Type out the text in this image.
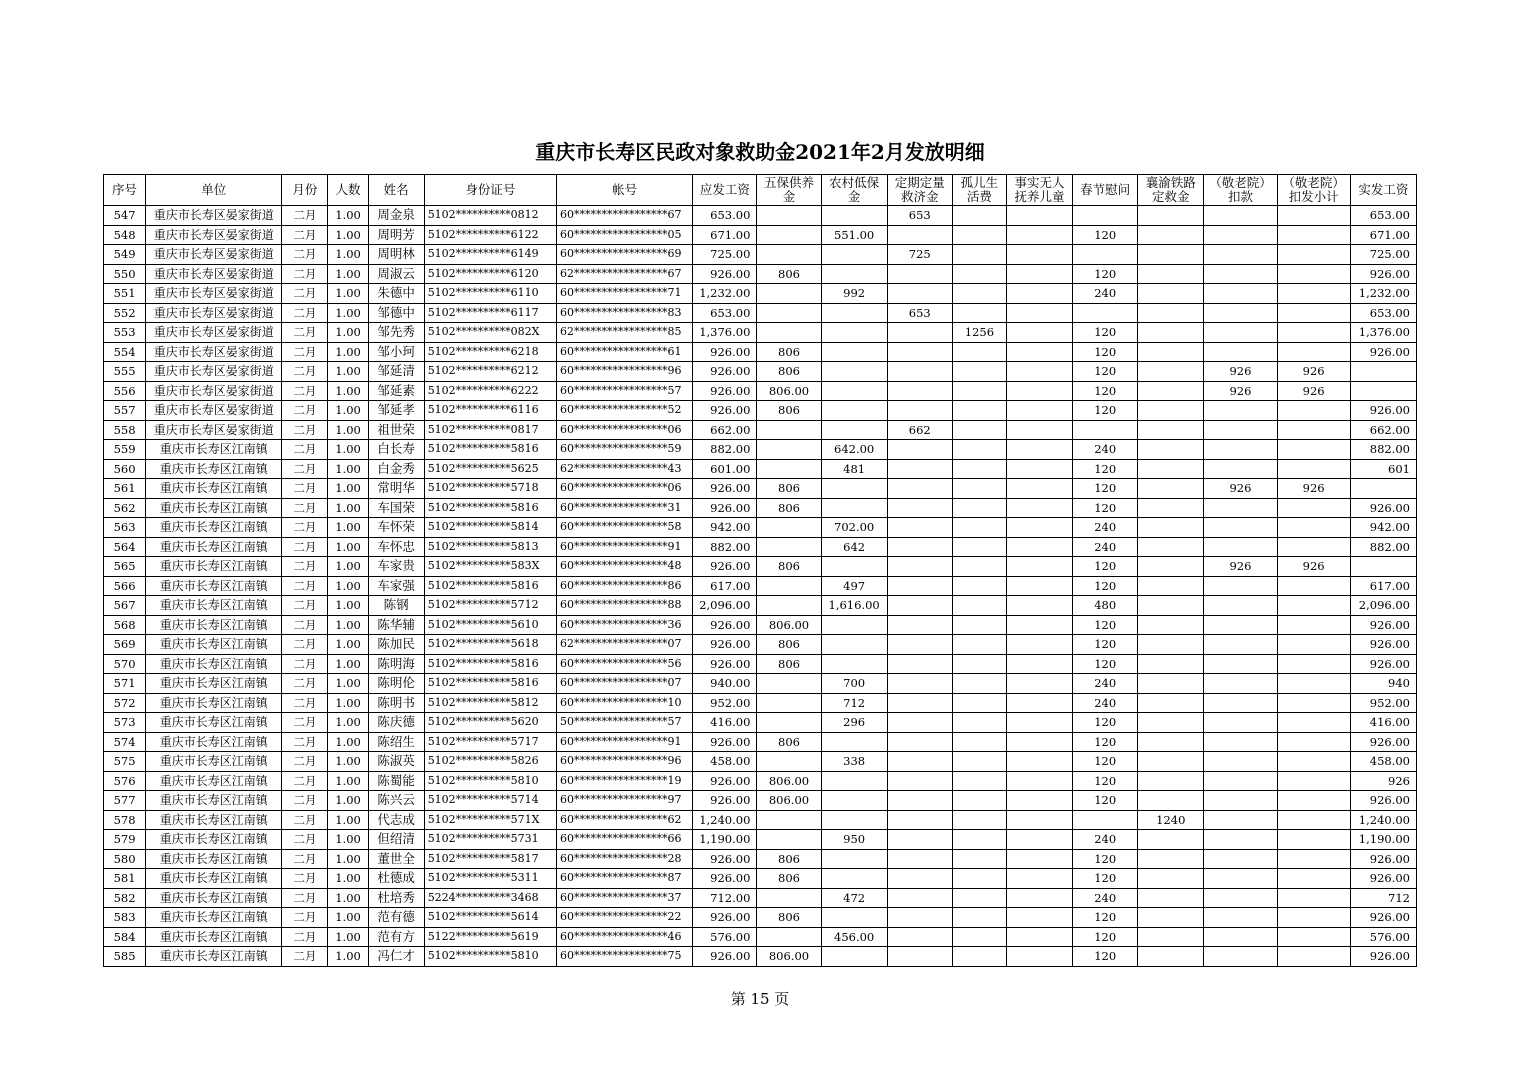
重庆市长寿区民政对象救助金2021年2月发放明细
序号	单位	月份	人数	姓名	身份证号	帐号	应发工资	五保供养金	农村低保金	定期定量救济金	孤儿生活费	事实无人抚养儿童	春节慰问	襄渝铁路定救金	（敬老院）扣款	（敬老院）扣发小计	实发工资
547	重庆市长寿区晏家街道	二月	1.00	周金泉	5102**********0812	60*****************67	653.00			653							653.00
548	重庆市长寿区晏家街道	二月	1.00	周明芳	5102**********6122	60*****************05	671.00		551.00				120				671.00
549	重庆市长寿区晏家街道	二月	1.00	周明林	5102**********6149	60*****************69	725.00			725							725.00
550	重庆市长寿区晏家街道	二月	1.00	周淑云	5102**********6120	62*****************67	926.00	806					120				926.00
551	重庆市长寿区晏家街道	二月	1.00	朱德中	5102**********6110	60*****************71	1,232.00		992				240				1,232.00
552	重庆市长寿区晏家街道	二月	1.00	邹德中	5102**********6117	60*****************83	653.00			653							653.00
553	重庆市长寿区晏家街道	二月	1.00	邹先秀	5102**********082X	62*****************85	1,376.00				1256		120				1,376.00
554	重庆市长寿区晏家街道	二月	1.00	邹小珂	5102**********6218	60*****************61	926.00	806					120				926.00
555	重庆市长寿区晏家街道	二月	1.00	邹延清	5102**********6212	60*****************96	926.00	806					120		926	926	
556	重庆市长寿区晏家街道	二月	1.00	邹延素	5102**********6222	60*****************57	926.00	806.00					120		926	926	
557	重庆市长寿区晏家街道	二月	1.00	邹延孝	5102**********6116	60*****************52	926.00	806					120				926.00
558	重庆市长寿区晏家街道	二月	1.00	祖世荣	5102**********0817	60*****************06	662.00			662							662.00
559	重庆市长寿区江南镇	二月	1.00	白长寿	5102**********5816	60*****************59	882.00		642.00				240				882.00
560	重庆市长寿区江南镇	二月	1.00	白金秀	5102**********5625	62*****************43	601.00		481				120				601
561	重庆市长寿区江南镇	二月	1.00	常明华	5102**********5718	60*****************06	926.00	806					120		926	926	
562	重庆市长寿区江南镇	二月	1.00	车国荣	5102**********5816	60*****************31	926.00	806					120				926.00
563	重庆市长寿区江南镇	二月	1.00	车怀荣	5102**********5814	60*****************58	942.00		702.00				240				942.00
564	重庆市长寿区江南镇	二月	1.00	车怀忠	5102**********5813	60*****************91	882.00		642				240				882.00
565	重庆市长寿区江南镇	二月	1.00	车家贵	5102**********583X	60*****************48	926.00	806					120		926	926	
566	重庆市长寿区江南镇	二月	1.00	车家强	5102**********5816	60*****************86	617.00		497				120				617.00
567	重庆市长寿区江南镇	二月	1.00	陈钢	5102**********5712	60*****************88	2,096.00		1,616.00				480				2,096.00
568	重庆市长寿区江南镇	二月	1.00	陈华辅	5102**********5610	60*****************36	926.00	806.00					120				926.00
569	重庆市长寿区江南镇	二月	1.00	陈加民	5102**********5618	62*****************07	926.00	806					120				926.00
570	重庆市长寿区江南镇	二月	1.00	陈明海	5102**********5816	60*****************56	926.00	806					120				926.00
571	重庆市长寿区江南镇	二月	1.00	陈明伦	5102**********5816	60*****************07	940.00		700				240				940
572	重庆市长寿区江南镇	二月	1.00	陈明书	5102**********5812	60*****************10	952.00		712				240				952.00
573	重庆市长寿区江南镇	二月	1.00	陈庆德	5102**********5620	50*****************57	416.00		296				120				416.00
574	重庆市长寿区江南镇	二月	1.00	陈绍生	5102**********5717	60*****************91	926.00	806					120				926.00
575	重庆市长寿区江南镇	二月	1.00	陈淑英	5102**********5826	60*****************96	458.00		338				120				458.00
576	重庆市长寿区江南镇	二月	1.00	陈蜀能	5102**********5810	60*****************19	926.00	806.00					120				926
577	重庆市长寿区江南镇	二月	1.00	陈兴云	5102**********5714	60*****************97	926.00	806.00					120				926.00
578	重庆市长寿区江南镇	二月	1.00	代志成	5102**********571X	60*****************62	1,240.00							1240			1,240.00
579	重庆市长寿区江南镇	二月	1.00	但绍清	5102**********5731	60*****************66	1,190.00		950				240				1,190.00
580	重庆市长寿区江南镇	二月	1.00	董世全	5102**********5817	60*****************28	926.00	806					120				926.00
581	重庆市长寿区江南镇	二月	1.00	杜德成	5102**********5311	60*****************87	926.00	806					120				926.00
582	重庆市长寿区江南镇	二月	1.00	杜培秀	5224**********3468	60*****************37	712.00		472				240				712
583	重庆市长寿区江南镇	二月	1.00	范有德	5102**********5614	60*****************22	926.00	806					120				926.00
584	重庆市长寿区江南镇	二月	1.00	范有方	5122**********5619	60*****************46	576.00		456.00				120				576.00
585	重庆市长寿区江南镇	二月	1.00	冯仁才	5102**********5810	60*****************75	926.00	806.00					120				926.00
第 15 页
